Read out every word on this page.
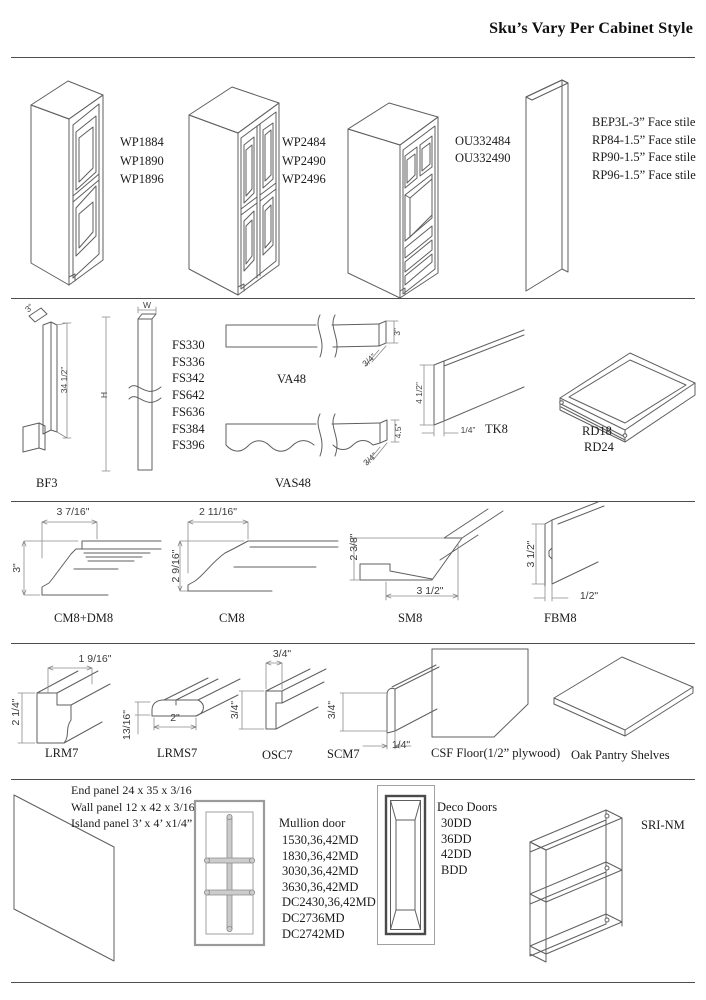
Sku’s Vary Per Cabinet Style
WP1884
WP1890
WP1896
WP2484
WP2490
WP2496
OU332484
OU332490
BEP3L-3” Face stile
RP84-1.5” Face stile
RP90-1.5” Face stile
RP96-1.5” Face stile
3”
34 1/2”
BF3
W
H
FS330
FS336
FS342
FS642
FS636
FS384
FS396
3”
3/4”
VA48
4.5”
3/4”
VAS48
4 1/2”
1/4” TK8	RD18
RD24
3 7/16"
3"
CM8+DM8
2 11/16"
2 9/16"
CM8
2 3/8"
3 1/2"
SM8
3 1/2"
1/2"
FBM8
1 9/16"
2 1/4"
LRM7
13/16"	2"
LRMS7
3/4"
3/4"
OSC7
3/4"
1/4"
SCM7	CSF Floor(1/2” plywood) Oak Pantry Shelves
End panel 24 x 35 x 3/16
Wall panel 12 x 42 x 3/16
Island panel 3’ x 4’ x1/4”	Mullion door
1530,36,42MD
1830,36,42MD
3030,36,42MD
3630,36,42MD
DC2430,36,42MD
DC2736MD
DC2742MD
Deco Doors
30DD
36DD
42DD
BDD
SRI-NM
